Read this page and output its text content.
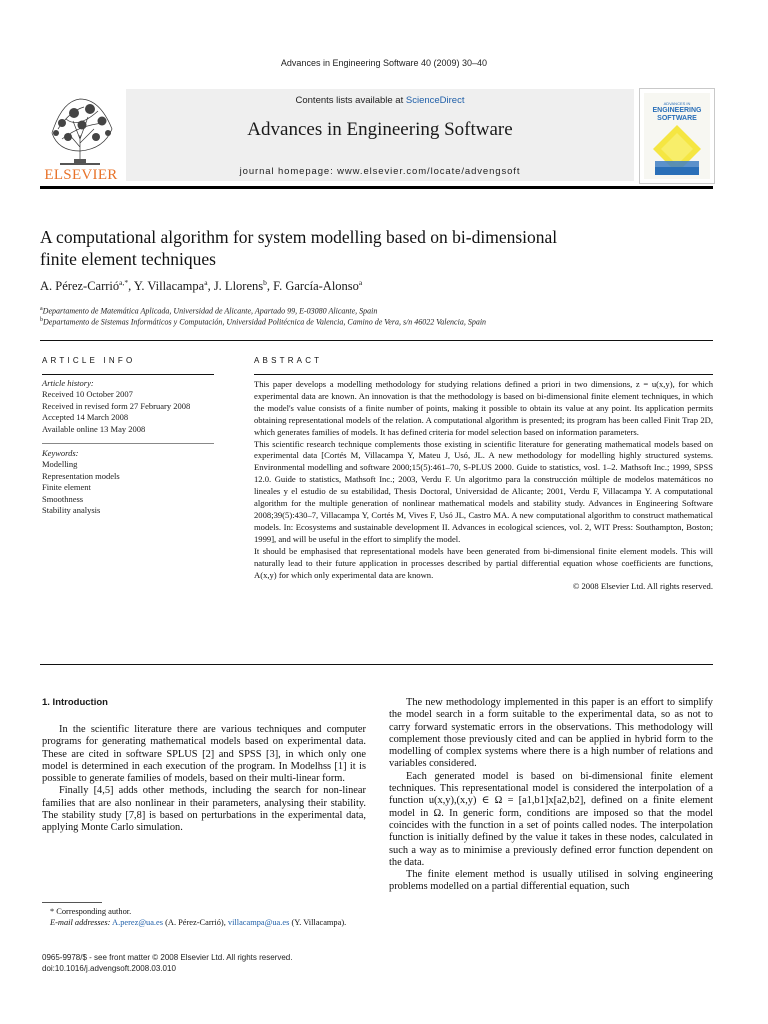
Advances in Engineering Software 40 (2009) 30–40
ELSEVIER
Contents lists available at ScienceDirect
Advances in Engineering Software
journal homepage: www.elsevier.com/locate/advengsoft
ADVANCES IN
ENGINEERING
SOFTWARE
A computational algorithm for system modelling based on bi-dimensional
finite element techniques
A. Pérez-Carrió$^{a,*}$, Y. Villacampa$^a$, J. Llorens$^b$, F. García-Alonso$^a$
$^a$Departamento de Matemática Aplicada, Universidad de Alicante, Apartado 99, E-03080 Alicante, Spain
$^b$Departamento de Sistemas Informáticos y Computación, Universidad Politécnica de Valencia, Camino de Vera, s/n 46022 Valencia, Spain
ARTICLE INFO	ABSTRACT
Article history:
Received 10 October 2007
Received in revised form 27 February 2008
Accepted 14 March 2008
Available online 13 May 2008
Keywords:
Modelling
Representation models
Finite element
Smoothness
Stability analysis

This paper develops a modelling methodology for studying relations defined a priori in two dimensions, z = u(x,y), for which experimental data are known. An innovation is that the methodology is based on bi-dimensional finite element techniques, in which the model's value consists of a finite number of points, making it possible to obtain its value at any point. Its application permits obtaining representational models of the relation. A computational algorithm is presented; its program has been called Finit Trap 2D, which generates families of models. It has defined criteria for model selection based on information parameters.

This scientific research technique complements those existing in scientific literature for generating mathematical models based on experimental data [Cortés M, Villacampa Y, Mateu J, Usó, JL. A new methodology for modelling highly structured systems. Environmental modelling and software 2000;15(5):461–70, S-PLUS 2000. Guide to statistics, vosl. 1–2. Mathsoft Inc.; 1999, SPSS 12.0. Guide to statistics, Mathsoft Inc.; 2003, Verdu F. Un algoritmo para la construcción múltiple de modelos matemáticos no lineales y el estudio de su estabilidad, Thesis Doctoral, Universidad de Alicante; 2001, Verdu F, Villacampa Y. A computational algorithm for the multiple generation of nonlinear mathematical models and stability study. Advances in Engineering Software 2008;39(5):430–7, Villacampa Y, Cortés M, Vives F, Usó JL, Castro MA. A new computational algorithm to construct mathematical models. In: Ecosystems and sustainable development II. Advances in ecological sciences, vol. 2, WIT Press: Southampton, Boston; 1999], and will be useful in the effort to simplify the model.

It should be emphasised that representational models have been generated from bi-dimensional finite element models. This will naturally lead to their future application in processes described by partial differential equation whose coefficients are functions, A(x,y) for which only experimental data are known.

© 2008 Elsevier Ltd. All rights reserved.

1. Introduction

In the scientific literature there are various techniques and computer programs for generating mathematical models based on experimental data. These are cited in software SPLUS [2] and SPSS [3], in which only one model is determined in each execution of the program. In Modelhss [1] it is possible to generate families of models, based on their multi-linear form.

Finally [4,5] adds other methods, including the search for non-linear families that are also nonlinear in their parameters, analysing their stability. The stability study [7,8] is based on perturbations in the experimental data, applying Monte Carlo simulation.

The new methodology implemented in this paper is an effort to simplify the model search in a form suitable to the experimental data, so as not to carry forward systematic errors in the observations. This methodology will complement those previously cited and can be applied in hybrid form to the modelling of complex systems where there is a high number of relations and variables considered.

Each generated model is based on bi-dimensional finite element techniques. This representational model is considered the interpolation of a function u(x,y),(x,y) ∈ Ω = [a1,b1]x[a2,b2], defined on a finite element model in Ω. In generic form, conditions are imposed so that the model coincides with the function in a set of points called nodes. The interpolation function is initially defined by the value it takes in these nodes, calculated in such a way as to minimise a previously defined error function dependent on the data.

The finite element method is usually utilised in solving engineering problems modelled on a partial differential equation, such

* Corresponding author.

E-mail addresses: A.perez@ua.es (A. Pérez-Carrió), villacampa@ua.es (Y. Villacampa).

0965-9978/$ - see front matter © 2008 Elsevier Ltd. All rights reserved.

doi:10.1016/j.advengsoft.2008.03.010
